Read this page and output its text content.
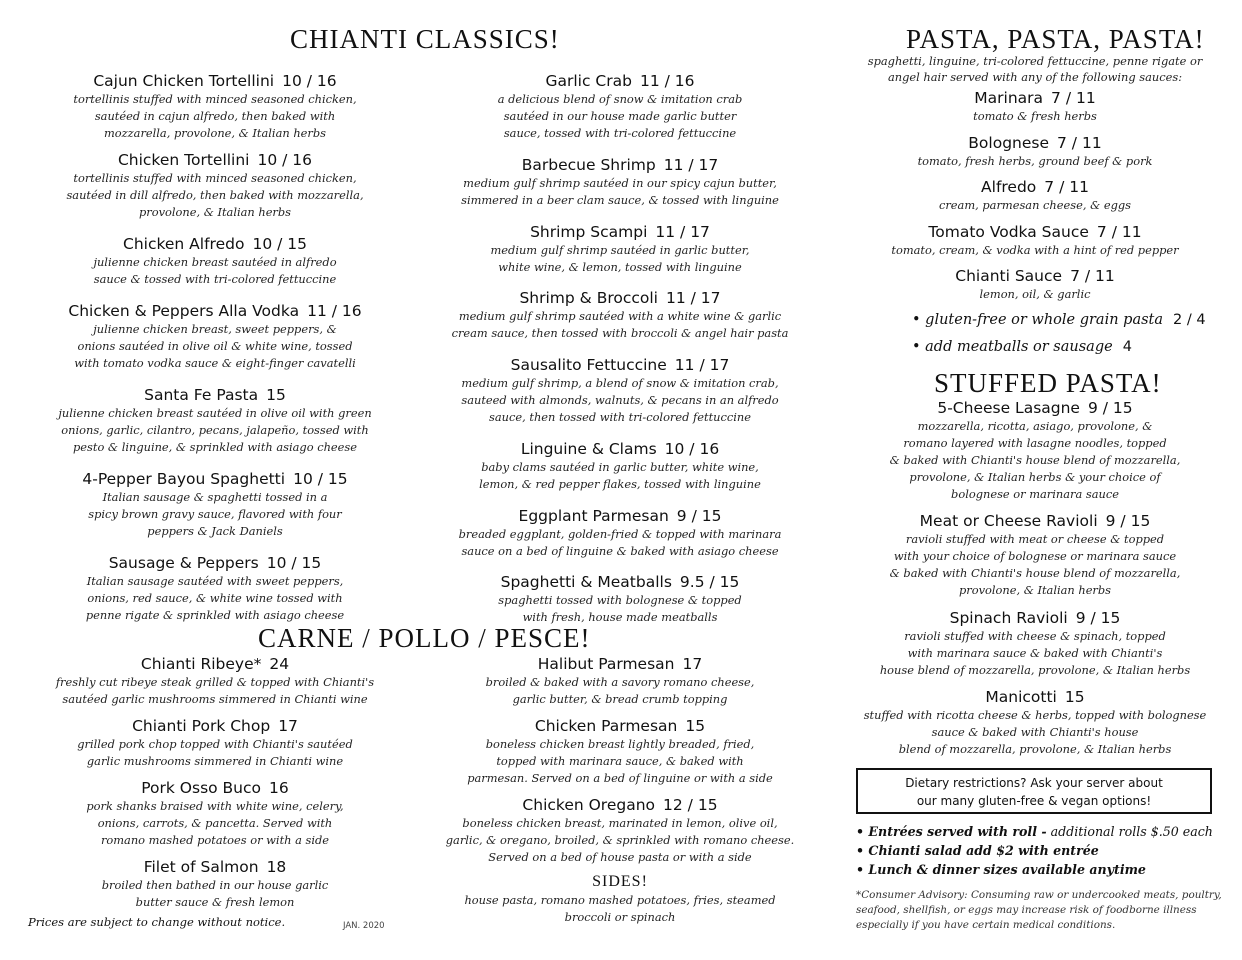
CHIANTI CLASSICS!
CARNE / POLLO / PESCE!
PASTA, PASTA, PASTA!
STUFFED PASTA!
Cajun Chicken Tortellini 10 / 16
tortellinis stuffed with minced seasoned chicken,
sautéed in cajun alfredo, then baked with
mozzarella, provolone, & Italian herbs
Chicken Tortellini 10 / 16
tortellinis stuffed with minced seasoned chicken,
sautéed in dill alfredo, then baked with mozzarella,
provolone, & Italian herbs
Chicken Alfredo 10 / 15
julienne chicken breast sautéed in alfredo
sauce & tossed with tri-colored fettuccine
Chicken & Peppers Alla Vodka 11 / 16
julienne chicken breast, sweet peppers, &
onions sautéed in olive oil & white wine, tossed
with tomato vodka sauce & eight-finger cavatelli
Santa Fe Pasta 15
julienne chicken breast sautéed in olive oil with green
onions, garlic, cilantro, pecans, jalapeño, tossed with
pesto & linguine, & sprinkled with asiago cheese
4-Pepper Bayou Spaghetti 10 / 15
Italian sausage & spaghetti tossed in a
spicy brown gravy sauce, flavored with four
peppers & Jack Daniels
Sausage & Peppers 10 / 15
Italian sausage sautéed with sweet peppers,
onions, red sauce, & white wine tossed with
penne rigate & sprinkled with asiago cheese
Chianti Ribeye* 24
freshly cut ribeye steak grilled & topped with Chianti's
sautéed garlic mushrooms simmered in Chianti wine
Chianti Pork Chop 17
grilled pork chop topped with Chianti's sautéed
garlic mushrooms simmered in Chianti wine
Pork Osso Buco 16
pork shanks braised with white wine, celery,
onions, carrots, & pancetta. Served with
romano mashed potatoes or with a side
Filet of Salmon 18
broiled then bathed in our house garlic
butter sauce & fresh lemon
Garlic Crab 11 / 16
a delicious blend of snow & imitation crab
sautéed in our house made garlic butter
sauce, tossed with tri-colored fettuccine
Barbecue Shrimp 11 / 17
medium gulf shrimp sautéed in our spicy cajun butter,
simmered in a beer clam sauce, & tossed with linguine
Shrimp Scampi 11 / 17
medium gulf shrimp sautéed in garlic butter,
white wine, & lemon, tossed with linguine
Shrimp & Broccoli 11 / 17
medium gulf shrimp sautéed with a white wine & garlic
cream sauce, then tossed with broccoli & angel hair pasta
Sausalito Fettuccine 11 / 17
medium gulf shrimp, a blend of snow & imitation crab,
sauteed with almonds, walnuts, & pecans in an alfredo
sauce, then tossed with tri-colored fettuccine
Linguine & Clams 10 / 16
baby clams sautéed in garlic butter, white wine,
lemon, & red pepper flakes, tossed with linguine
Eggplant Parmesan 9 / 15
breaded eggplant, golden-fried & topped with marinara
sauce on a bed of linguine & baked with asiago cheese
Spaghetti & Meatballs 9.5 / 15
spaghetti tossed with bolognese & topped
with fresh, house made meatballs
Halibut Parmesan 17
broiled & baked with a savory romano cheese,
garlic butter, & bread crumb topping
Chicken Parmesan 15
boneless chicken breast lightly breaded, fried,
topped with marinara sauce, & baked with
parmesan. Served on a bed of linguine or with a side
Chicken Oregano 12 / 15
boneless chicken breast, marinated in lemon, olive oil,
garlic, & oregano, broiled, & sprinkled with romano cheese.
Served on a bed of house pasta or with a side
SIDES!
house pasta, romano mashed potatoes, fries, steamed
broccoli or spinach
spaghetti, linguine, tri-colored fettuccine, penne rigate or
angel hair served with any of the following sauces:
Marinara 7 / 11
tomato & fresh herbs
Bolognese 7 / 11
tomato, fresh herbs, ground beef & pork
Alfredo 7 / 11
cream, parmesan cheese, & eggs
Tomato Vodka Sauce 7 / 11
tomato, cream, & vodka with a hint of red pepper
Chianti Sauce 7 / 11
lemon, oil, & garlic
• gluten-free or whole grain pasta 2 / 4
• add meatballs or sausage 4
5-Cheese Lasagne 9 / 15
mozzarella, ricotta, asiago, provolone, &
romano layered with lasagne noodles, topped
& baked with Chianti's house blend of mozzarella,
provolone, & Italian herbs & your choice of
bolognese or marinara sauce
Meat or Cheese Ravioli 9 / 15
ravioli stuffed with meat or cheese & topped
with your choice of bolognese or marinara sauce
& baked with Chianti's house blend of mozzarella,
provolone, & Italian herbs
Spinach Ravioli 9 / 15
ravioli stuffed with cheese & spinach, topped
with marinara sauce & baked with Chianti's
house blend of mozzarella, provolone, & Italian herbs
Manicotti 15
stuffed with ricotta cheese & herbs, topped with bolognese
sauce & baked with Chianti's house
blend of mozzarella, provolone, & Italian herbs
Dietary restrictions? Ask your server about
our many gluten-free & vegan options!
• Entrées served with roll - additional rolls $.50 each
• Chianti salad add $2 with entrée
• Lunch & dinner sizes available anytime
*Consumer Advisory: Consuming raw or undercooked meats, poultry,
seafood, shellfish, or eggs may increase risk of foodborne illness
especially if you have certain medical conditions.
Prices are subject to change without notice.	JAN. 2020
